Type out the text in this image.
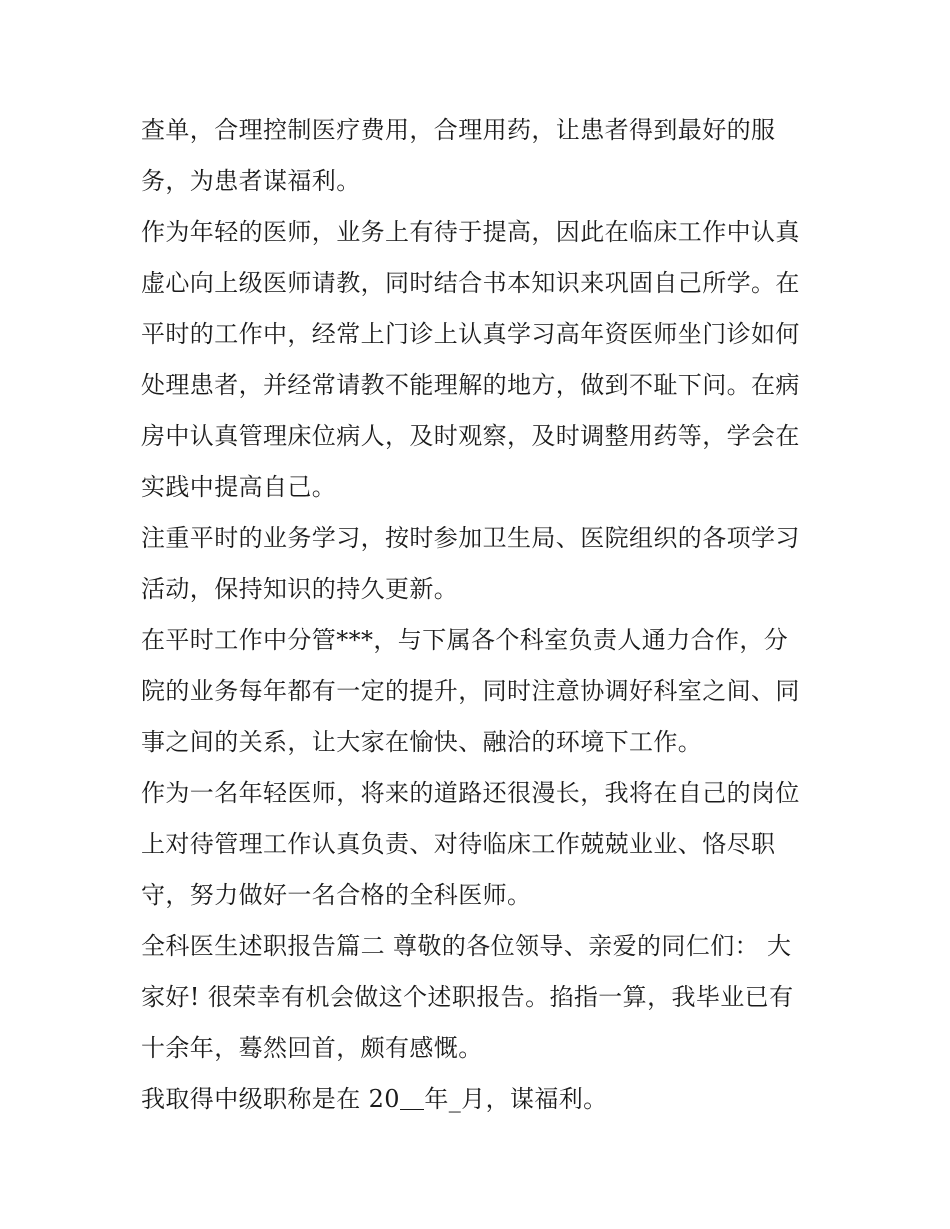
查单，合理控制医疗费用，合理用药，让患者得到最好的服

务，为患者谋福利。

作为年轻的医师，业务上有待于提高，因此在临床工作中认真

虚心向上级医师请教，同时结合书本知识来巩固自己所学。在

平时的工作中，经常上门诊上认真学习高年资医师坐门诊如何

处理患者，并经常请教不能理解的地方，做到不耻下问。在病

房中认真管理床位病人，及时观察，及时调整用药等，学会在

实践中提高自己。

注重平时的业务学习，按时参加卫生局、医院组织的各项学习

活动，保持知识的持久更新。

在平时工作中分管***，与下属各个科室负责人通力合作，分

院的业务每年都有一定的提升，同时注意协调好科室之间、同

事之间的关系，让大家在愉快、融洽的环境下工作。

作为一名年轻医师，将来的道路还很漫长，我将在自己的岗位

上对待管理工作认真负责、对待临床工作兢兢业业、恪尽职

守，努力做好一名合格的全科医师。

全科医生述职报告篇二 尊敬的各位领导、亲爱的同仁们： 大

家好! 很荣幸有机会做这个述职报告。掐指一算，我毕业已有

十余年，蓦然回首，颇有感慨。

我取得中级职称是在 20＿年_月，谋福利。
